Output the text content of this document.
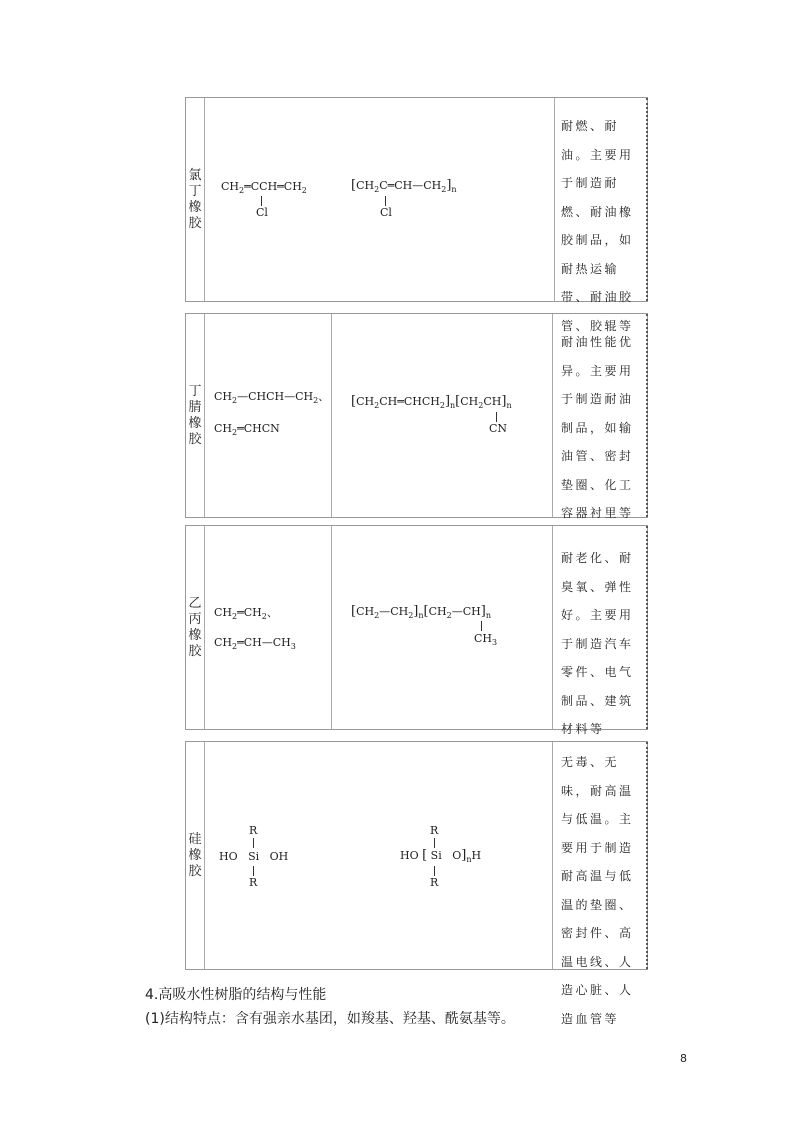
氯丁橡胶
$CH_2═CCH═CH_2$
Cl
$[CH_2C═CH—CH_2]_n$
Cl
耐燃、耐油。主要用于制造耐燃、耐油橡胶制品，如耐热运输带、耐油胶管、胶辊等
丁腈橡胶
$CH_2—CHCH—CH_2$、
$CH_2═CHCN$
$[CH_2CH═CHCH_2]_n[CH_2CH]_n$
CN
耐油性能优异。主要用于制造耐油制品，如输油管、密封垫圈、化工容器衬里等
乙丙橡胶
$CH_2═CH_2$、
$CH_2═CH—CH_3$
$[CH_2—CH_2]_n[CH_2—CH]_n$
$CH_3$
耐老化、耐臭氧、弹性好。主要用于制造汽车零件、电气制品、建筑材料等
硅橡胶
R
HO   Si   OH
R
R
HO [ Si   $O]_nH$
R
无毒、无味，耐高温与低温。主要用于制造耐高温与低温的垫圈、密封件、高温电线、人造心脏、人造血管等
4.高吸水性树脂的结构与性能
(1)结构特点：含有强亲水基团，如羧基、羟基、酰氨基等。
8
